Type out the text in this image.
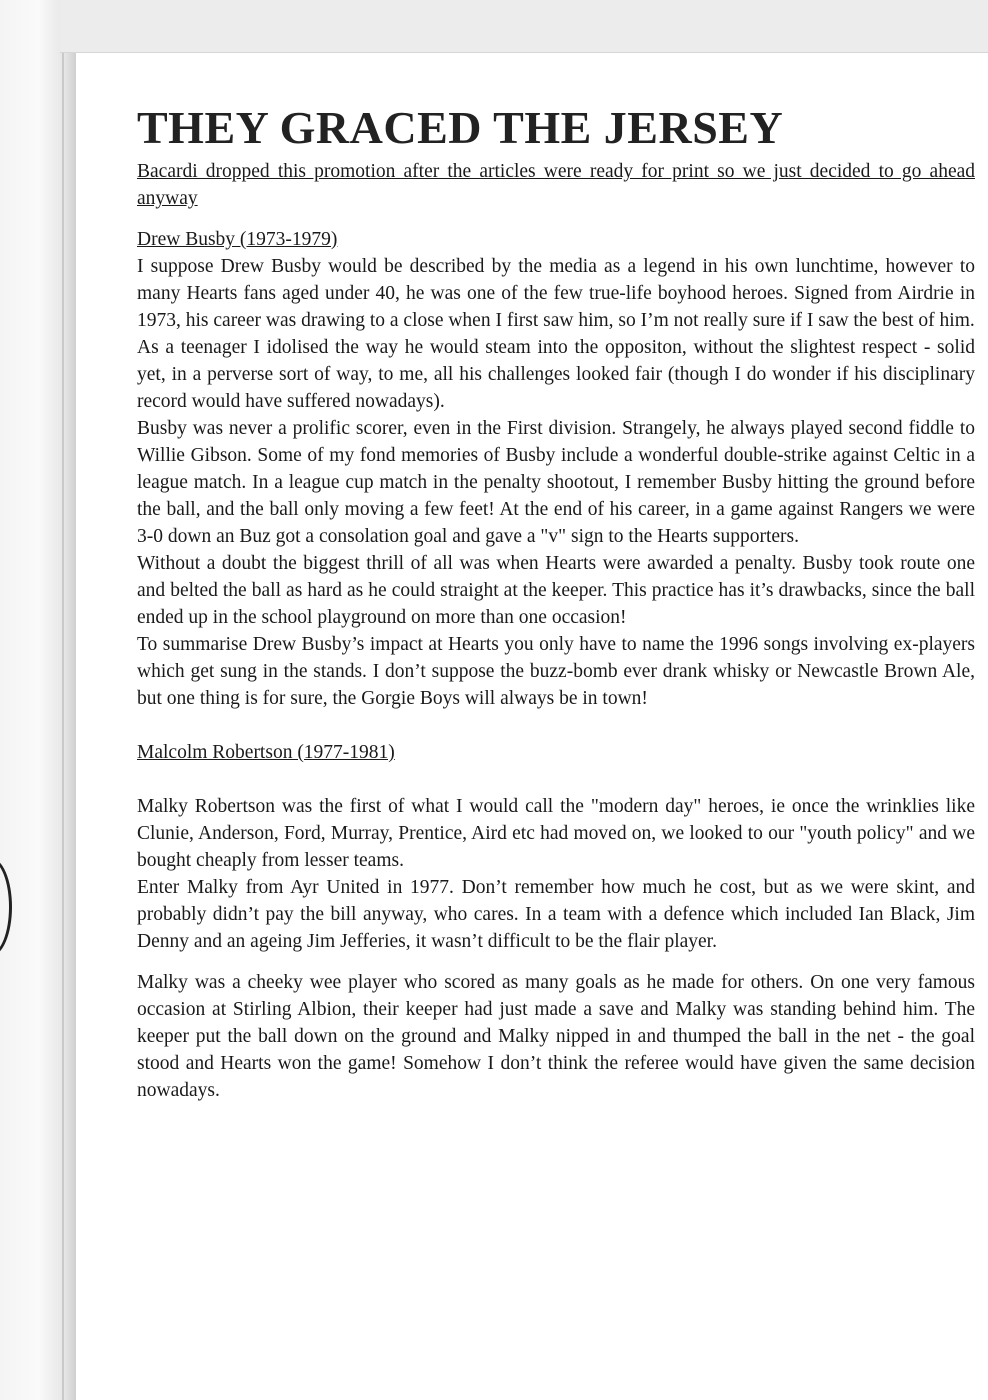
THEY GRACED THE JERSEY
Bacardi dropped this promotion after the articles were ready for print so we just decided to go ahead anyway
Drew Busby (1973-1979)

I suppose Drew Busby would be described by the media as a legend in his own lunchtime, however to many Hearts fans aged under 40, he was one of the few true-life boyhood heroes. Signed from Airdrie in 1973, his career was drawing to a close when I first saw him, so I’m not really sure if I saw the best of him.

As a teenager I idolised the way he would steam into the oppositon, without the slightest respect - solid yet, in a perverse sort of way, to me, all his challenges looked fair (though I do wonder if his disciplinary record would have suffered nowadays).

Busby was never a prolific scorer, even in the First division. Strangely, he always played second fiddle to Willie Gibson. Some of my fond memories of Busby include a wonderful double-strike against Celtic in a league match. In a league cup match in the penalty shootout, I remember Busby hitting the ground before the ball, and the ball only moving a few feet! At the end of his career, in a game against Rangers we were 3-0 down an Buz got a consolation goal and gave a "v" sign to the Hearts supporters.

Without a doubt the biggest thrill of all was when Hearts were awarded a penalty. Busby took route one and belted the ball as hard as he could straight at the keeper. This practice has it’s drawbacks, since the ball ended up in the school playground on more than one occasion!

To summarise Drew Busby’s impact at Hearts you only have to name the 1996 songs involving ex-players which get sung in the stands. I don’t suppose the buzz-bomb ever drank whisky or Newcastle Brown Ale, but one thing is for sure, the Gorgie Boys will always be in town!

Malcolm Robertson (1977-1981)

Malky Robertson was the first of what I would call the "modern day" heroes, ie once the wrinklies like Clunie, Anderson, Ford, Murray, Prentice, Aird etc had moved on, we looked to our "youth policy" and we bought cheaply from lesser teams.

Enter Malky from Ayr United in 1977. Don’t remember how much he cost, but as we were skint, and probably didn’t pay the bill anyway, who cares. In a team with a defence which included Ian Black, Jim Denny and an ageing Jim Jefferies, it wasn’t difficult to be the flair player.

Malky was a cheeky wee player who scored as many goals as he made for others. On one very famous occasion at Stirling Albion, their keeper had just made a save and Malky was standing behind him. The keeper put the ball down on the ground and Malky nipped in and thumped the ball in the net - the goal stood and Hearts won the game! Somehow I don’t think the referee would have given the same decision nowadays.
